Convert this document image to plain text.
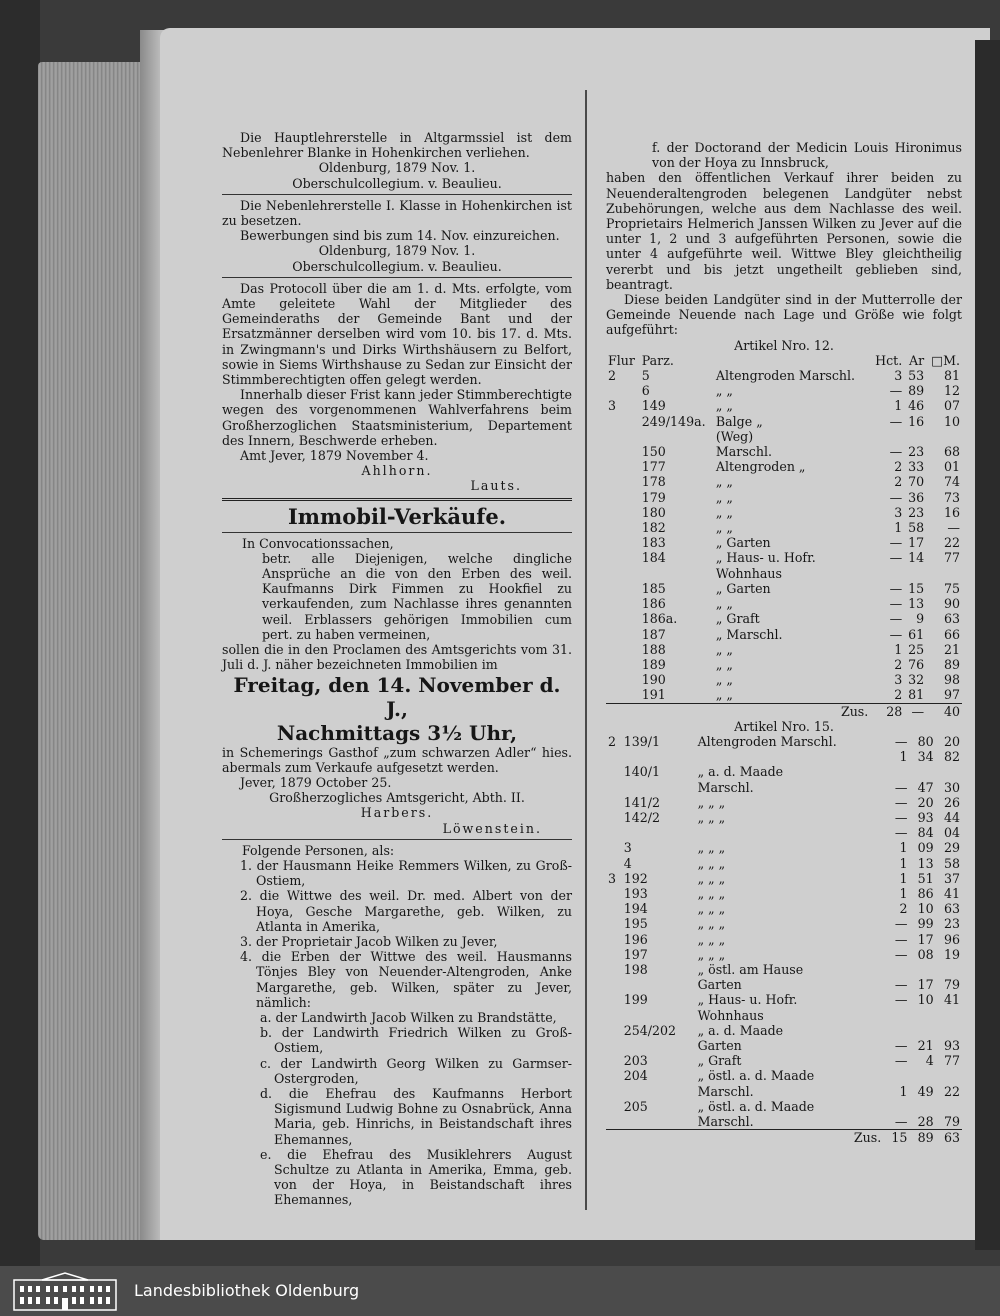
Die Hauptlehrerstelle in Altgarmssiel ist dem Nebenlehrer Blanke in Hohenkirchen verliehen.

Oldenburg, 1879 Nov. 1.

Oberschulcollegium. v. Beaulieu.

Die Nebenlehrerstelle I. Klasse in Hohenkirchen ist zu besetzen.

Bewerbungen sind bis zum 14. Nov. einzureichen.

Oldenburg, 1879 Nov. 1.

Oberschulcollegium. v. Beaulieu.

Das Protocoll über die am 1. d. Mts. erfolgte, vom Amte geleitete Wahl der Mitglieder des Gemeinderaths der Gemeinde Bant und der Ersatzmänner derselben wird vom 10. bis 17. d. Mts. in Zwingmann's und Dirks Wirthshäusern zu Belfort, sowie in Siems Wirthshause zu Sedan zur Einsicht der Stimmberechtigten offen gelegt werden.

Innerhalb dieser Frist kann jeder Stimmberechtigte wegen des vorgenommenen Wahlverfahrens beim Großherzoglichen Staatsministerium, Departement des Innern, Beschwerde erheben.

Amt Jever, 1879 November 4.

Ahlhorn.

Lauts.

Immobil-Verkäufe.

In Convocationssachen,

betr. alle Diejenigen, welche dingliche Ansprüche an die von den Erben des weil. Kaufmanns Dirk Fimmen zu Hookfiel zu verkaufenden, zum Nachlasse ihres genannten weil. Erblassers gehörigen Immobilien cum pert. zu haben vermeinen,

sollen die in den Proclamen des Amtsgerichts vom 31. Juli d. J. näher bezeichneten Immobilien im

Freitag, den 14. November d. J.,
Nachmittags 3½ Uhr,

in Schemerings Gasthof „zum schwarzen Adler“ hies. abermals zum Verkaufe aufgesetzt werden.

Jever, 1879 October 25.

Großherzogliches Amtsgericht, Abth. II.

Harbers.

Löwenstein.

Folgende Personen, als:

1. der Hausmann Heike Remmers Wilken, zu Groß-Ostiem,
2. die Wittwe des weil. Dr. med. Albert von der Hoya, Gesche Margarethe, geb. Wilken, zu Atlanta in Amerika,
3. der Proprietair Jacob Wilken zu Jever,
4. die Erben der Wittwe des weil. Hausmanns Tönjes Bley von Neuender-Altengroden, Anke Margarethe, geb. Wilken, später zu Jever, nämlich:
a. der Landwirth Jacob Wilken zu Brandstätte,
b. der Landwirth Friedrich Wilken zu Groß-Ostiem,
c. der Landwirth Georg Wilken zu Garmser-Ostergroden,
d. die Ehefrau des Kaufmanns Herbort Sigismund Ludwig Bohne zu Osnabrück, Anna Maria, geb. Hinrichs, in Beistandschaft ihres Ehemannes,
e. die Ehefrau des Musiklehrers August Schultze zu Atlanta in Amerika, Emma, geb. von der Hoya, in Beistandschaft ihres Ehemannes,

f. der Doctorand der Medicin Louis Hironimus von der Hoya zu Innsbruck,

haben den öffentlichen Verkauf ihrer beiden zu Neuenderaltengroden belegenen Landgüter nebst Zubehörungen, welche aus dem Nachlasse des weil. Proprietairs Helmerich Janssen Wilken zu Jever auf die unter 1, 2 und 3 aufgeführten Personen, sowie die unter 4 aufgeführte weil. Wittwe Bley gleichtheilig vererbt und bis jetzt ungetheilt geblieben sind, beantragt.

Diese beiden Landgüter sind in der Mutterrolle der Gemeinde Neuende nach Lage und Größe wie folgt aufgeführt:

Artikel Nro. 12.

Flur	Parz.		Hct.	Ar	□M.
2	5	Altengroden Marschl.	3	53	81
	6	„ „	—	89	12
3	149	„ „	1	46	07
	249/149a.	Balge „	—	16	10
		(Weg)			
	150	Marschl.	—	23	68
	177	Altengroden „	2	33	01
	178	„ „	2	70	74
	179	„ „	—	36	73
	180	„ „	3	23	16
	182	„ „	1	58	—
	183	„ Garten	—	17	22
	184	„ Haus- u. Hofr.	—	14	77
		Wohnhaus			
	185	„ Garten	—	15	75
	186	„ „	—	13	90
	186a.	„ Graft	—	9	63
	187	„ Marschl.	—	61	66
	188	„ „	1	25	21
	189	„ „	2	76	89
	190	„ „	3	32	98
	191	„ „	2	81	97
		Zus.	28	—	40

Artikel Nro. 15.

2	139/1	Altengroden Marschl.	—	80	20
			1	34	82
	140/1	„ a. d. Maade			
		Marschl.	—	47	30
	141/2	„ „ „	—	20	26
	142/2	„ „ „	—	93	44
			—	84	04
	3	„ „ „	1	09	29
	4	„ „ „	1	13	58
3	192	„ „ „	1	51	37
	193	„ „ „	1	86	41
	194	„ „ „	2	10	63
	195	„ „ „	—	99	23
	196	„ „ „	—	17	96
	197	„ „ „	—	08	19
	198	„ östl. am Hause			
		Garten	—	17	79
	199	„ Haus- u. Hofr.	—	10	41
		Wohnhaus			
	254/202	„ a. d. Maade			
		Garten	—	21	93
	203	„ Graft	—	4	77
	204	„ östl. a. d. Maade			
		Marschl.	1	49	22
	205	„ östl. a. d. Maade			
		Marschl.	—	28	79
		Zus.	15	89	63
Landesbibliothek Oldenburg
